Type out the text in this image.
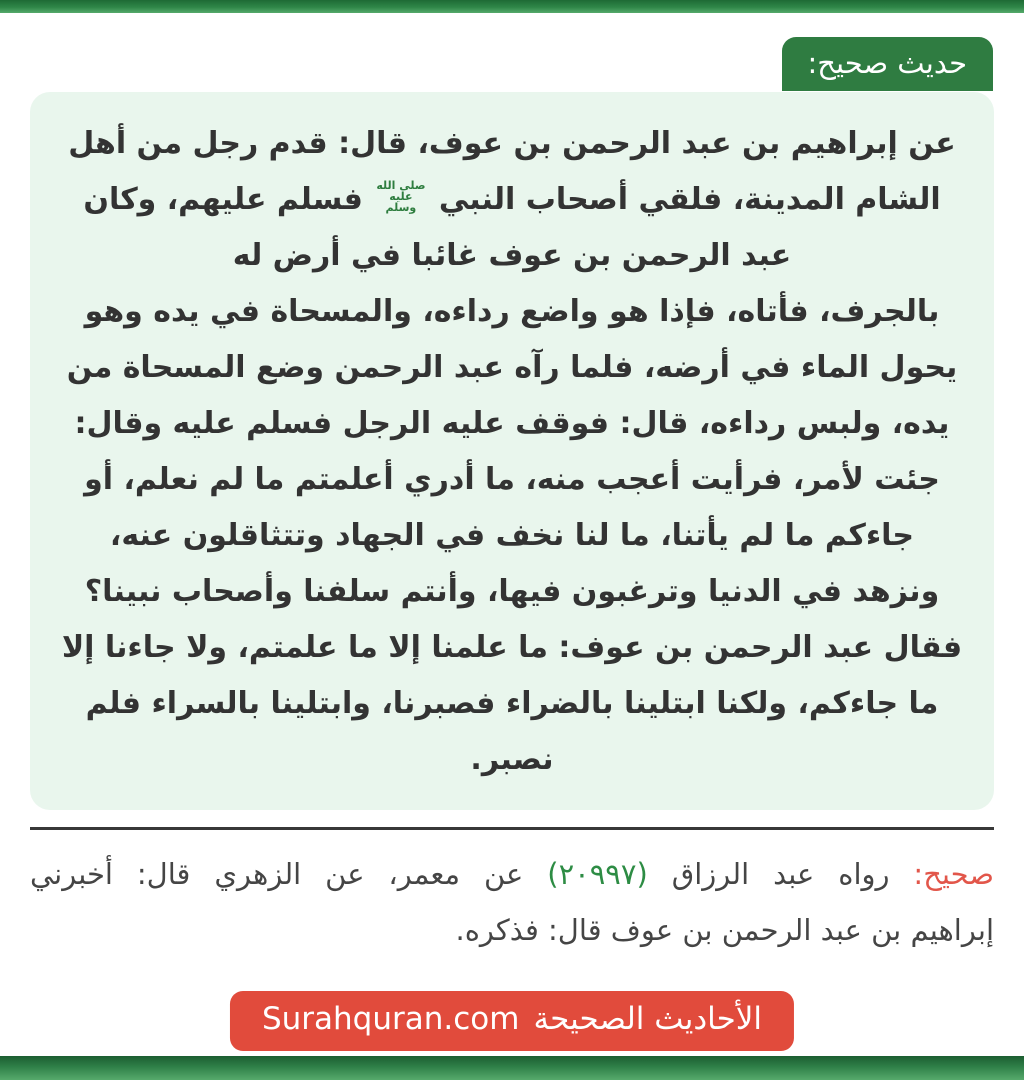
حديث صحيح:
عن إبراهيم بن عبد الرحمن بن عوف، قال: قدم رجل من أهل
الشام المدينة، فلقي أصحاب النبي
صلى الله
عليه
وسلم
فسلم عليهم، وكان
عبد الرحمن بن عوف غائبا في أرض له
بالجرف، فأتاه، فإذا هو واضع رداءه، والمسحاة في يده وهو
يحول الماء في أرضه، فلما رآه عبد الرحمن وضع المسحاة من
يده، ولبس رداءه، قال: فوقف عليه الرجل فسلم عليه وقال:
جئت لأمر، فرأيت أعجب منه، ما أدري أعلمتم ما لم نعلم، أو
جاءكم ما لم يأتنا، ما لنا نخف في الجهاد وتتثاقلون عنه،
ونزهد في الدنيا وترغبون فيها، وأنتم سلفنا وأصحاب نبينا؟
فقال عبد الرحمن بن عوف: ما علمنا إلا ما علمتم، ولا جاءنا إلا
ما جاءكم، ولكنا ابتلينا بالضراء فصبرنا، وابتلينا بالسراء فلم
نصبر.
صحيح: رواه عبد الرزاق (٢٠٩٩٧) عن معمر، عن الزهري قال: أخبرني
إبراهيم بن عبد الرحمن بن عوف قال: فذكره.
الأحاديث الصحيحة
Surahquran.com
